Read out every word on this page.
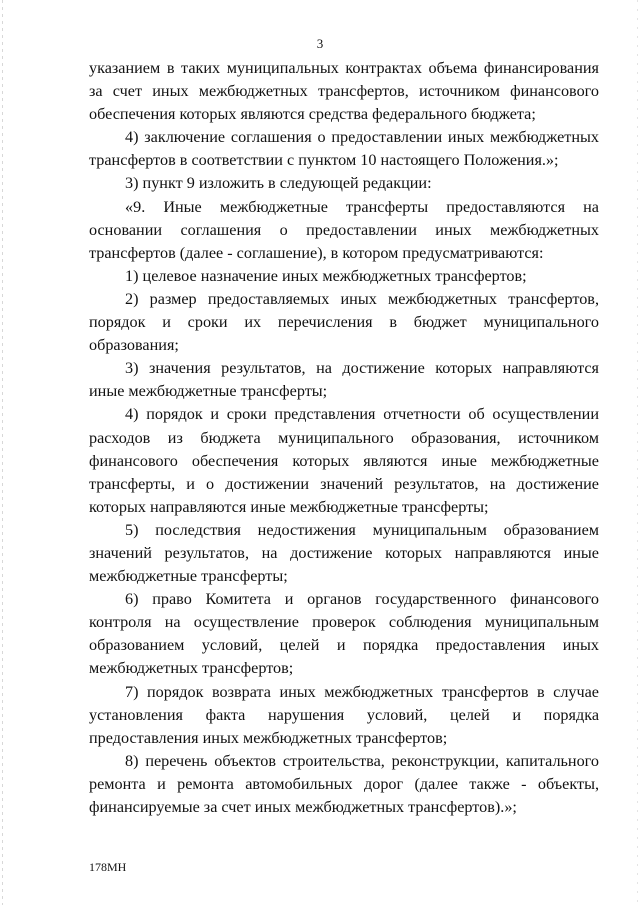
3

указанием в таких муниципальных контрактах объема финансирования за счет иных межбюджетных трансфертов, источником финансового обеспечения которых являются средства федерального бюджета;

4) заключение соглашения о предоставлении иных межбюджетных трансфертов в соответствии с пунктом 10 настоящего Положения.»;

3) пункт 9 изложить в следующей редакции:

«9. Иные межбюджетные трансферты предоставляются на основании соглашения о предоставлении иных межбюджетных трансфертов (далее - соглашение), в котором предусматриваются:

1) целевое назначение иных межбюджетных трансфертов;

2) размер предоставляемых иных межбюджетных трансфертов, порядок и сроки их перечисления в бюджет муниципального образования;

3) значения результатов, на достижение которых направляются иные межбюджетные трансферты;

4) порядок и сроки представления отчетности об осуществлении расходов из бюджета муниципального образования, источником финансового обеспечения которых являются иные межбюджетные трансферты, и о достижении значений результатов, на достижение которых направляются иные межбюджетные трансферты;

5) последствия недостижения муниципальным образованием значений результатов, на достижение которых направляются иные межбюджетные трансферты;

6) право Комитета и органов государственного финансового контроля на осуществление проверок соблюдения муниципальным образованием условий, целей и порядка предоставления иных межбюджетных трансфертов;

7) порядок возврата иных межбюджетных трансфертов в случае установления факта нарушения условий, целей и порядка предоставления иных межбюджетных трансфертов;

8) перечень объектов строительства, реконструкции, капитального ремонта и ремонта автомобильных дорог (далее также - объекты, финансируемые за счет иных межбюджетных трансфертов).»;

178MH
